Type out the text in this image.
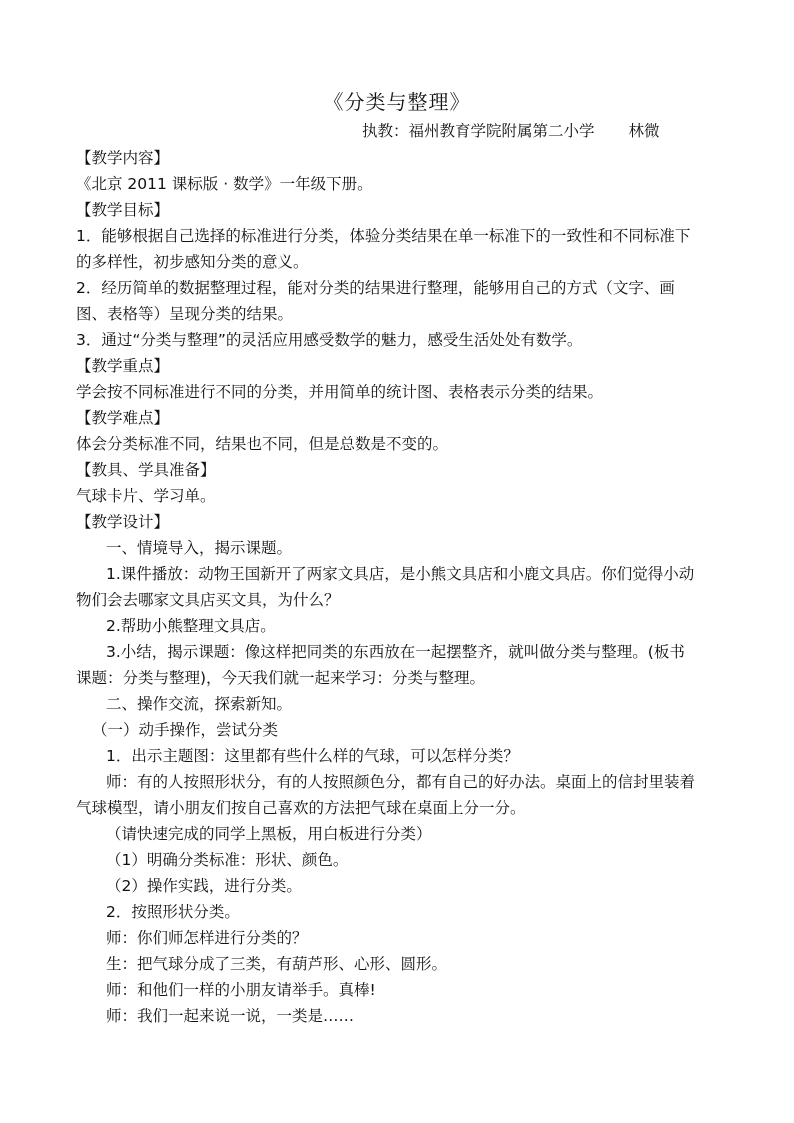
《分类与整理》
执教：福州教育学院附属第二小学 林微
【教学内容】
《北京 2011 课标版 · 数学》一年级下册。
【教学目标】
1．能够根据自己选择的标准进行分类，体验分类结果在单一标准下的一致性和不同标准下
的多样性，初步感知分类的意义。
2．经历简单的数据整理过程，能对分类的结果进行整理，能够用自己的方式（文字、画
图、表格等）呈现分类的结果。
3．通过“分类与整理”的灵活应用感受数学的魅力，感受生活处处有数学。
【教学重点】
学会按不同标准进行不同的分类，并用简单的统计图、表格表示分类的结果。
【教学难点】
体会分类标准不同，结果也不同，但是总数是不变的。
【教具、学具准备】
气球卡片、学习单。
【教学设计】
一、情境导入，揭示课题。
1.课件播放：动物王国新开了两家文具店，是小熊文具店和小鹿文具店。你们觉得小动
物们会去哪家文具店买文具，为什么？
2.帮助小熊整理文具店。
3.小结，揭示课题：像这样把同类的东西放在一起摆整齐，就叫做分类与整理。(板书
课题：分类与整理)，今天我们就一起来学习：分类与整理。
二、操作交流，探索新知。
（一）动手操作，尝试分类
1．出示主题图：这里都有些什么样的气球，可以怎样分类？
师：有的人按照形状分，有的人按照颜色分，都有自己的好办法。桌面上的信封里装着
气球模型，请小朋友们按自己喜欢的方法把气球在桌面上分一分。
（请快速完成的同学上黑板，用白板进行分类）
（1）明确分类标准：形状、颜色。
（2）操作实践，进行分类。
2．按照形状分类。
师：你们师怎样进行分类的？
生：把气球分成了三类，有葫芦形、心形、圆形。
师：和他们一样的小朋友请举手。真棒!
师：我们一起来说一说，一类是……
